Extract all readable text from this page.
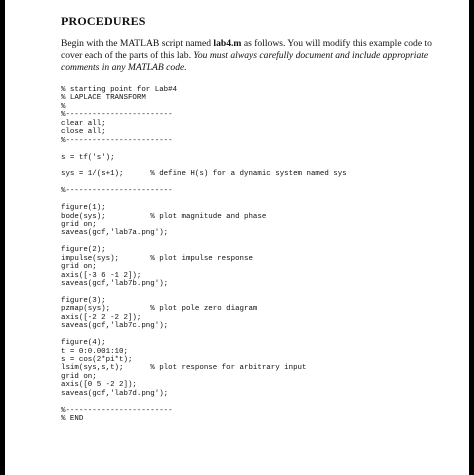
PROCEDURES

Begin with the MATLAB script named lab4.m as follows. You will modify this example code to cover each of the parts of this lab. You must always carefully document and include appropriate comments in any MATLAB code.

% starting point for Lab#4
% LAPLACE TRANSFORM
%
%------------------------
clear all;
close all;
%------------------------
s = tf('s');
sys = 1/(s+1);      % define H(s) for a dynamic system named sys
%------------------------
figure(1);
bode(sys);          % plot magnitude and phase
grid on;
saveas(gcf,'lab7a.png');
figure(2);
impulse(sys);       % plot impulse response
grid on;
axis([-3 6 -1 2]);
saveas(gcf,'lab7b.png');
figure(3);
pzmap(sys);         % plot pole zero diagram
axis([-2 2 -2 2]);
saveas(gcf,'lab7c.png');
figure(4);
t = 0:0.001:10;
s = cos(2*pi*t);
lsim(sys,s,t);      % plot response for arbitrary input
grid on;
axis([0 5 -2 2]);
saveas(gcf,'lab7d.png');
%------------------------
% END
